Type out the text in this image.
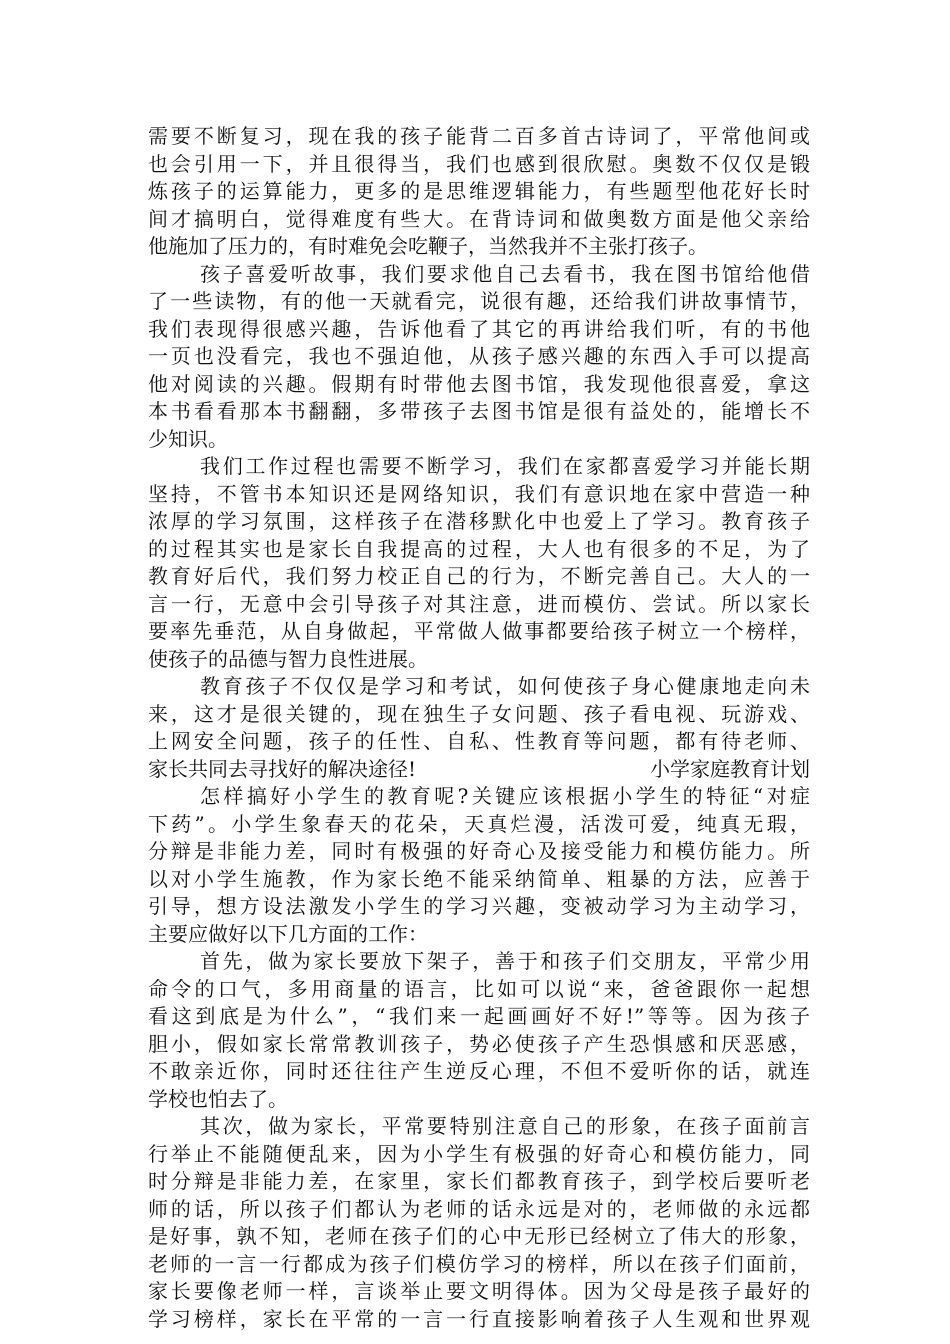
需要不断复习，现在我的孩子能背二百多首古诗词了，平常他间或
也会引用一下，并且很得当，我们也感到很欣慰。奥数不仅仅是锻
炼孩子的运算能力，更多的是思维逻辑能力，有些题型他花好长时
间才搞明白，觉得难度有些大。在背诗词和做奥数方面是他父亲给
他施加了压力的，有时难免会吃鞭子，当然我并不主张打孩子。
孩子喜爱听故事，我们要求他自己去看书，我在图书馆给他借
了一些读物，有的他一天就看完，说很有趣，还给我们讲故事情节，
我们表现得很感兴趣，告诉他看了其它的再讲给我们听，有的书他
一页也没看完，我也不强迫他，从孩子感兴趣的东西入手可以提高
他对阅读的兴趣。假期有时带他去图书馆，我发现他很喜爱，拿这
本书看看那本书翻翻，多带孩子去图书馆是很有益处的，能增长不
少知识。
我们工作过程也需要不断学习，我们在家都喜爱学习并能长期
坚持，不管书本知识还是网络知识，我们有意识地在家中营造一种
浓厚的学习氛围，这样孩子在潜移默化中也爱上了学习。教育孩子
的过程其实也是家长自我提高的过程，大人也有很多的不足，为了
教育好后代，我们努力校正自己的行为，不断完善自己。大人的一
言一行，无意中会引导孩子对其注意，进而模仿、尝试。所以家长
要率先垂范，从自身做起，平常做人做事都要给孩子树立一个榜样，
使孩子的品德与智力良性进展。
教育孩子不仅仅是学习和考试，如何使孩子身心健康地走向未
来，这才是很关键的，现在独生子女问题、孩子看电视、玩游戏、
上网安全问题，孩子的任性、自私、性教育等问题，都有待老师、
家长共同去寻找好的解决途径!	小学家庭教育计划
怎样搞好小学生的教育呢?关键应该根据小学生的特征“对症
下药”。小学生象春天的花朵，天真烂漫，活泼可爱，纯真无瑕，
分辩是非能力差，同时有极强的好奇心及接受能力和模仿能力。所
以对小学生施教，作为家长绝不能采纳简单、粗暴的方法，应善于
引导，想方设法激发小学生的学习兴趣，变被动学习为主动学习，
主要应做好以下几方面的工作：
首先，做为家长要放下架子，善于和孩子们交朋友，平常少用
命令的口气，多用商量的语言，比如可以说“来，爸爸跟你一起想
看这到底是为什么”，“我们来一起画画好不好!”等等。因为孩子
胆小，假如家长常常教训孩子，势必使孩子产生恐惧感和厌恶感，
不敢亲近你，同时还往往产生逆反心理，不但不爱听你的话，就连
学校也怕去了。
其次，做为家长，平常要特别注意自己的形象，在孩子面前言
行举止不能随便乱来，因为小学生有极强的好奇心和模仿能力，同
时分辩是非能力差，在家里，家长们都教育孩子，到学校后要听老
师的话，所以孩子们都认为老师的话永远是对的，老师做的永远都
是好事，孰不知，老师在孩子们的心中无形已经树立了伟大的形象，
老师的一言一行都成为孩子们模仿学习的榜样，所以在孩子们面前，
家长要像老师一样，言谈举止要文明得体。因为父母是孩子最好的
学习榜样，家长在平常的一言一行直接影响着孩子人生观和世界观
